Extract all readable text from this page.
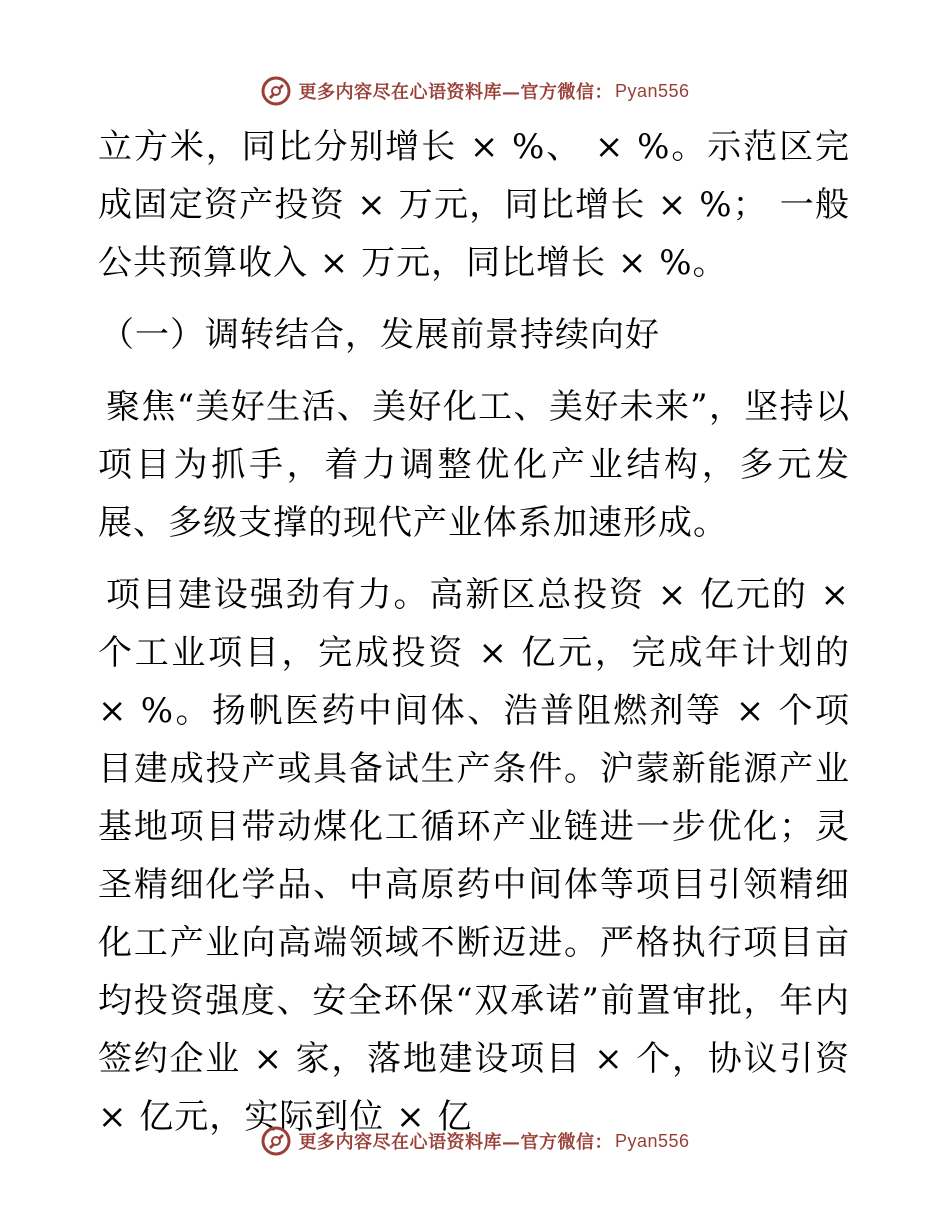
更多内容尽在心语资料库—官方微信： Pyan556

立方米，同比分别增长 × %、 × %。示范区完成固定资产投资 × 万元，同比增长 × %； 一般公共预算收入 × 万元，同比增长 × %。

（一）调转结合，发展前景持续向好

聚焦“美好生活、美好化工、美好未来”，坚持以项目为抓手，着力调整优化产业结构，多元发展、多级支撑的现代产业体系加速形成。

项目建设强劲有力。高新区总投资 × 亿元的 × 个工业项目，完成投资 × 亿元，完成年计划的 × %。扬帆医药中间体、浩普阻燃剂等 × 个项目建成投产或具备试生产条件。沪蒙新能源产业基地项目带动煤化工循环产业链进一步优化；灵圣精细化学品、中高原药中间体等项目引领精细化工产业向高端领域不断迈进。严格执行项目亩均投资强度、安全环保“双承诺”前置审批，年内签约企业 × 家，落地建设项目 × 个，协议引资 × 亿元，实际到位 × 亿

更多内容尽在心语资料库—官方微信： Pyan556
